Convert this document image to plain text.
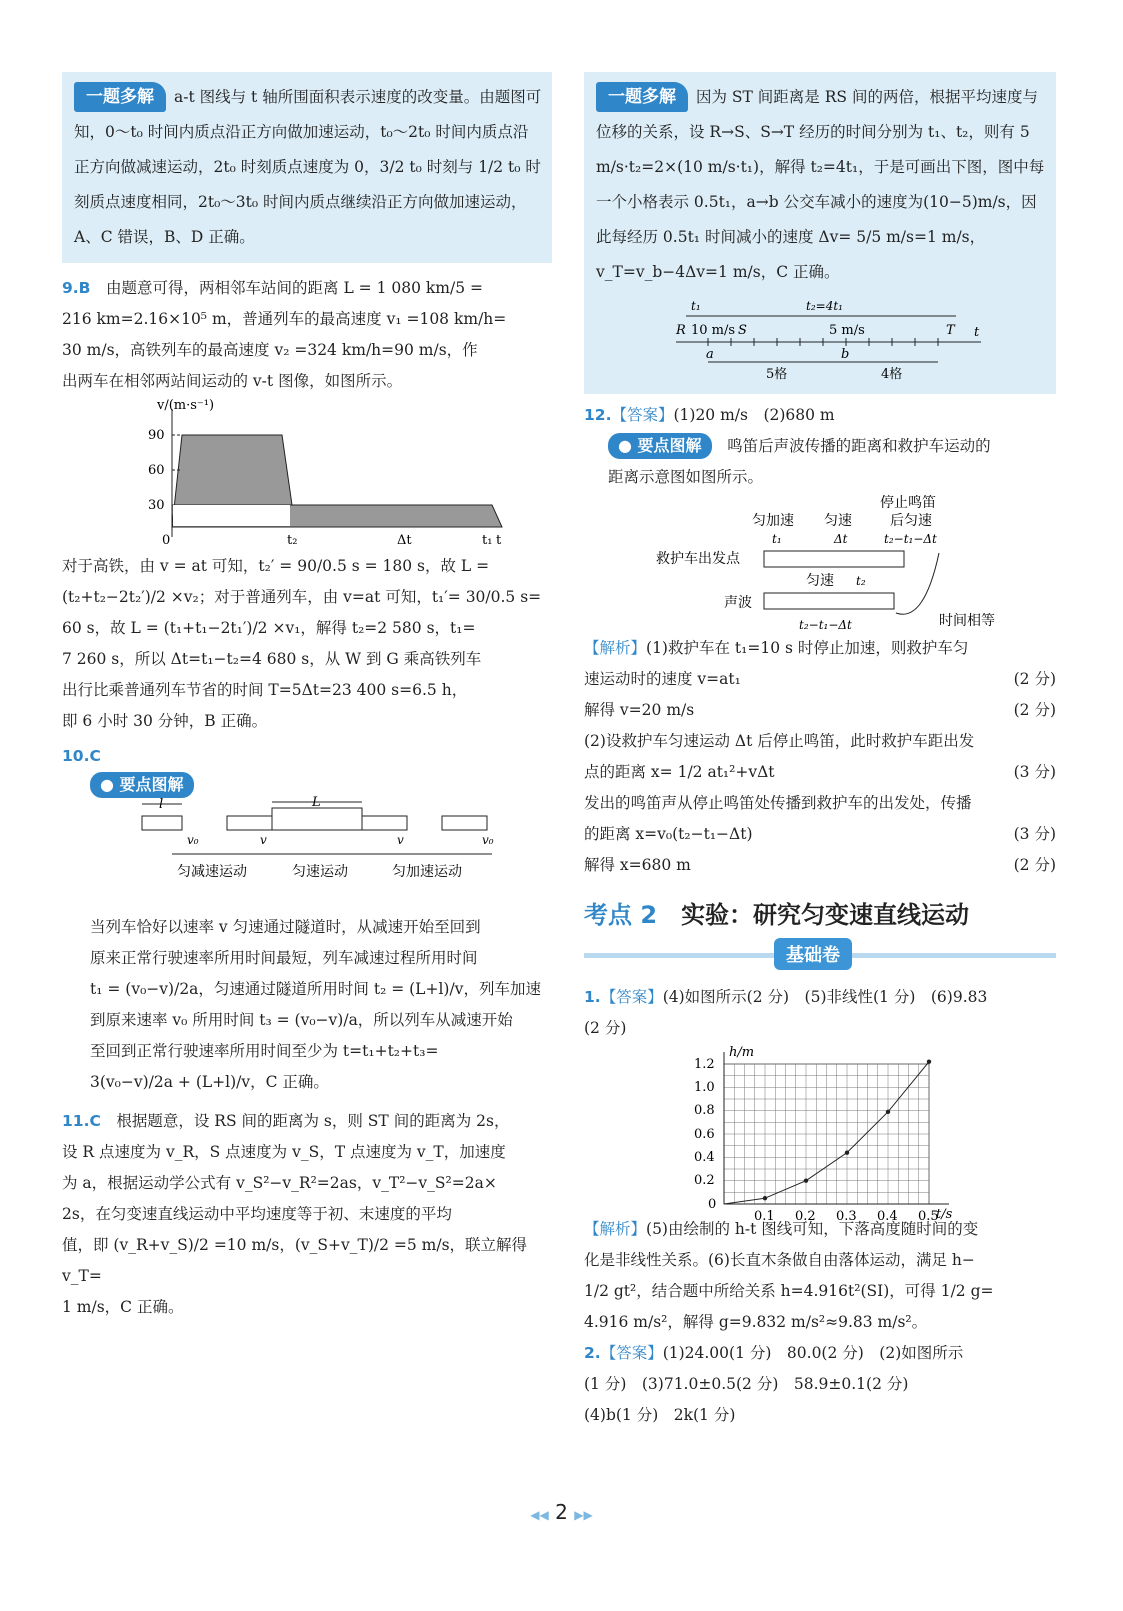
一题多解 a-t 图线与 t 轴所围面积表示速度的改变量。由题图可知，0～t₀ 时间内质点沿正方向做加速运动，t₀～2t₀ 时间内质点沿正方向做减速运动，2t₀ 时刻质点速度为 0，3/2 t₀ 时刻与 1/2 t₀ 时刻质点速度相同，2t₀～3t₀ 时间内质点继续沿正方向做加速运动，A、C 错误，B、D 正确。

9.B　 由题意可得，两相邻车站间的距离 L = 1 080 km/5 =

216 km=2.16×10⁵ m，普通列车的最高速度 v₁ =108 km/h=

30 m/s，高铁列车的最高速度 v₂ =324 km/h=90 m/s，作

出两车在相邻两站间运动的 v-t 图像，如图所示。

v/(m·s⁻¹)
90
60
30
0	t₂	Δt	t₁ t

对于高铁，由 v = at 可知，t₂′ = 90/0.5 s = 180 s，故 L =

(t₂+t₂−2t₂′)/2 ×v₂；对于普通列车，由 v=at 可知，t₁′= 30/0.5 s=

60 s，故 L = (t₁+t₁−2t₁′)/2 ×v₁，解得 t₂=2 580 s，t₁=

7 260 s，所以 Δt=t₁−t₂=4 680 s，从 W 到 G 乘高铁列车

出行比乘普通列车节省的时间 T=5Δt=23 400 s=6.5 h，

即 6 小时 30 分钟，B 正确。

10.C

● 要点图解
l	L
v₀	v	v	v₀
匀减速运动	匀速运动	匀加速运动

当列车恰好以速率 v 匀速通过隧道时，从减速开始至回到

原来正常行驶速率所用时间最短，列车减速过程所用时间

t₁ = (v₀−v)/2a，匀速通过隧道所用时间 t₂ = (L+l)/v，列车加速

到原来速率 v₀ 所用时间 t₃ = (v₀−v)/a，所以列车从减速开始

至回到正常行驶速率所用时间至少为 t=t₁+t₂+t₃=

3(v₀−v)/2a + (L+l)/v，C 正确。

11.C　 根据题意，设 RS 间的距离为 s，则 ST 间的距离为 2s，

设 R 点速度为 v_R，S 点速度为 v_S，T 点速度为 v_T，加速度

为 a，根据运动学公式有 v_S²−v_R²=2as，v_T²−v_S²=2a×

2s，在匀变速直线运动中平均速度等于初、末速度的平均

值，即 (v_R+v_S)/2 =10 m/s，(v_S+v_T)/2 =5 m/s，联立解得 v_T=

1 m/s，C 正确。

一题多解 因为 ST 间距离是 RS 间的两倍，根据平均速度与位移的关系，设 R→S、S→T 经历的时间分别为 t₁、t₂，则有 5 m/s·t₂=2×(10 m/s·t₁)，解得 t₂=4t₁，于是可画出下图，图中每一个小格表示 0.5t₁，a→b 公交车减小的速度为(10−5)m/s，因此每经历 0.5t₁ 时间减小的速度 Δv= 5/5 m/s=1 m/s，v_T=v_b−4Δv=1 m/s，C 正确。
t₁	t₂=4t₁
R 10 m/s S	5 m/s	T t
a	b
5格	4格

12.【答案】(1)20 m/s　(2)680 m

● 要点图解　 鸣笛后声波传播的距离和救护车运动的

距离示意图如图所示。

停止鸣笛
后匀速
匀加速 匀速
t₁	Δt	t₂−t₁−Δt
救护车出发点
匀速 t₂
声波
t₂−t₁−Δt	时间相等

【解析】(1)救护车在 t₁=10 s 时停止加速，则救护车匀

速运动时的速度 v=at₁	(2 分)

解得 v=20 m/s	(2 分)

(2)设救护车匀速运动 Δt 后停止鸣笛，此时救护车距出发

点的距离 x= 1/2 at₁²+vΔt	(3 分)

发出的鸣笛声从停止鸣笛处传播到救护车的出发处，传播

的距离 x=v₀(t₂−t₁−Δt)	(3 分)

解得 x=680 m	(2 分)

考点 2　 实验：研究匀变速直线运动
基础卷

1.【答案】(4)如图所示(2 分)　(5)非线性(1 分)　(6)9.83

(2 分)

h/m
t/s
1.2
1.0
0.8
0.6
0.4
0.2
0
0.1 0.2 0.3 0.4 0.5

【解析】(5)由绘制的 h-t 图线可知，下落高度随时间的变

化是非线性关系。(6)长直木条做自由落体运动，满足 h−

1/2 gt²，结合题中所给关系 h=4.916t²(SI)，可得 1/2 g=

4.916 m/s²，解得 g=9.832 m/s²≈9.83 m/s²。

2.【答案】(1)24.00(1 分)　80.0(2 分)　(2)如图所示

(1 分)　(3)71.0±0.5(2 分)　58.9±0.1(2 分)

(4)b(1 分)　2k(1 分)

◀◀ 2 ▶▶
